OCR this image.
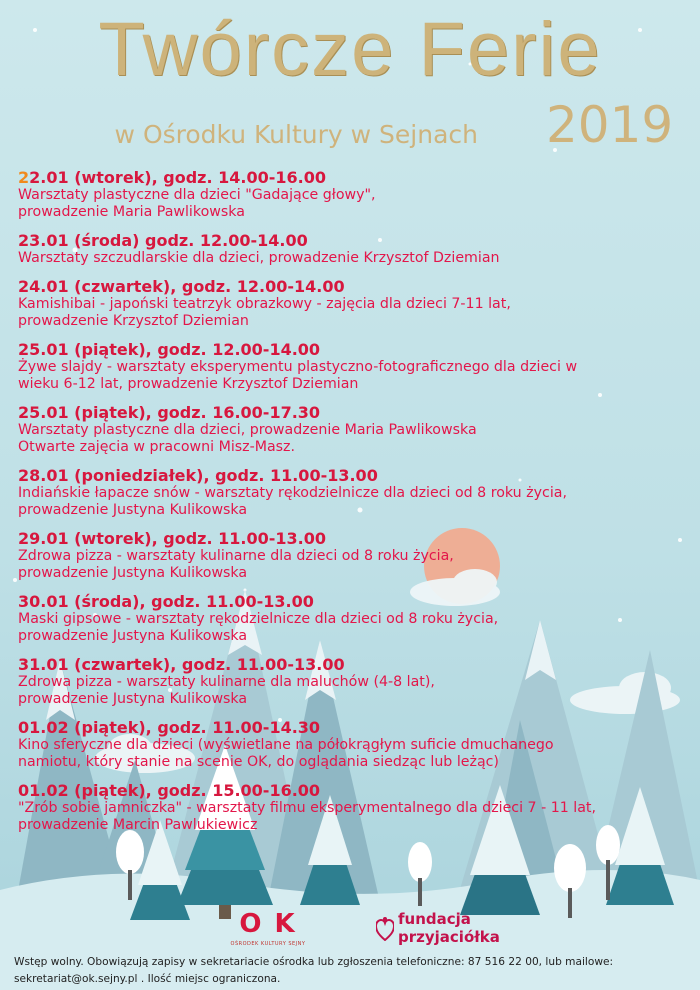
Twórcze Ferie
w Ośrodku Kultury w Sejnach 2019
22.01 (wtorek), godz. 14.00-16.00
Warsztaty plastyczne dla dzieci "Gadające głowy",
prowadzenie Maria Pawlikowska
23.01 (środa) godz. 12.00-14.00
Warsztaty szczudlarskie dla dzieci, prowadzenie Krzysztof Dziemian
24.01 (czwartek), godz. 12.00-14.00
Kamishibai - japoński teatrzyk obrazkowy - zajęcia dla dzieci 7-11 lat,
prowadzenie Krzysztof Dziemian
25.01 (piątek), godz. 12.00-14.00
Żywe slajdy - warsztaty eksperymentu plastyczno-fotograficznego dla dzieci w
wieku 6-12 lat, prowadzenie Krzysztof Dziemian
25.01 (piątek), godz. 16.00-17.30
Warsztaty plastyczne dla dzieci, prowadzenie Maria Pawlikowska
Otwarte zajęcia w pracowni Misz-Masz.
28.01 (poniedziałek), godz. 11.00-13.00
Indiańskie łapacze snów - warsztaty rękodzielnicze dla dzieci od 8 roku życia,
prowadzenie Justyna Kulikowska
29.01 (wtorek), godz. 11.00-13.00
Zdrowa pizza - warsztaty kulinarne dla dzieci od 8 roku życia,
prowadzenie Justyna Kulikowska
30.01 (środa), godz. 11.00-13.00
Maski gipsowe - warsztaty rękodzielnicze dla dzieci od 8 roku życia,
prowadzenie Justyna Kulikowska
31.01 (czwartek), godz. 11.00-13.00
Zdrowa pizza - warsztaty kulinarne dla maluchów (4-8 lat),
prowadzenie Justyna Kulikowska
01.02 (piątek), godz. 11.00-14.30
Kino sferyczne dla dzieci (wyświetlane na półokrągłym suficie dmuchanego
namiotu, który stanie na scenie OK, do oglądania siedząc lub leżąc)
01.02 (piątek), godz. 15.00-16.00
"Zrób sobie jamniczka" - warsztaty filmu eksperymentalnego dla dzieci 7 - 11 lat,
prowadzenie Marcin Pawlukiewicz
O K
OŚRODEK KULTURY SEJNY
fundacja
przyjaciółka
Wstęp wolny. Obowiązują zapisy w sekretariacie ośrodka lub zgłoszenia telefoniczne: 87 516 22 00, lub mailowe:
sekretariat@ok.sejny.pl . Ilość miejsc ograniczona.
